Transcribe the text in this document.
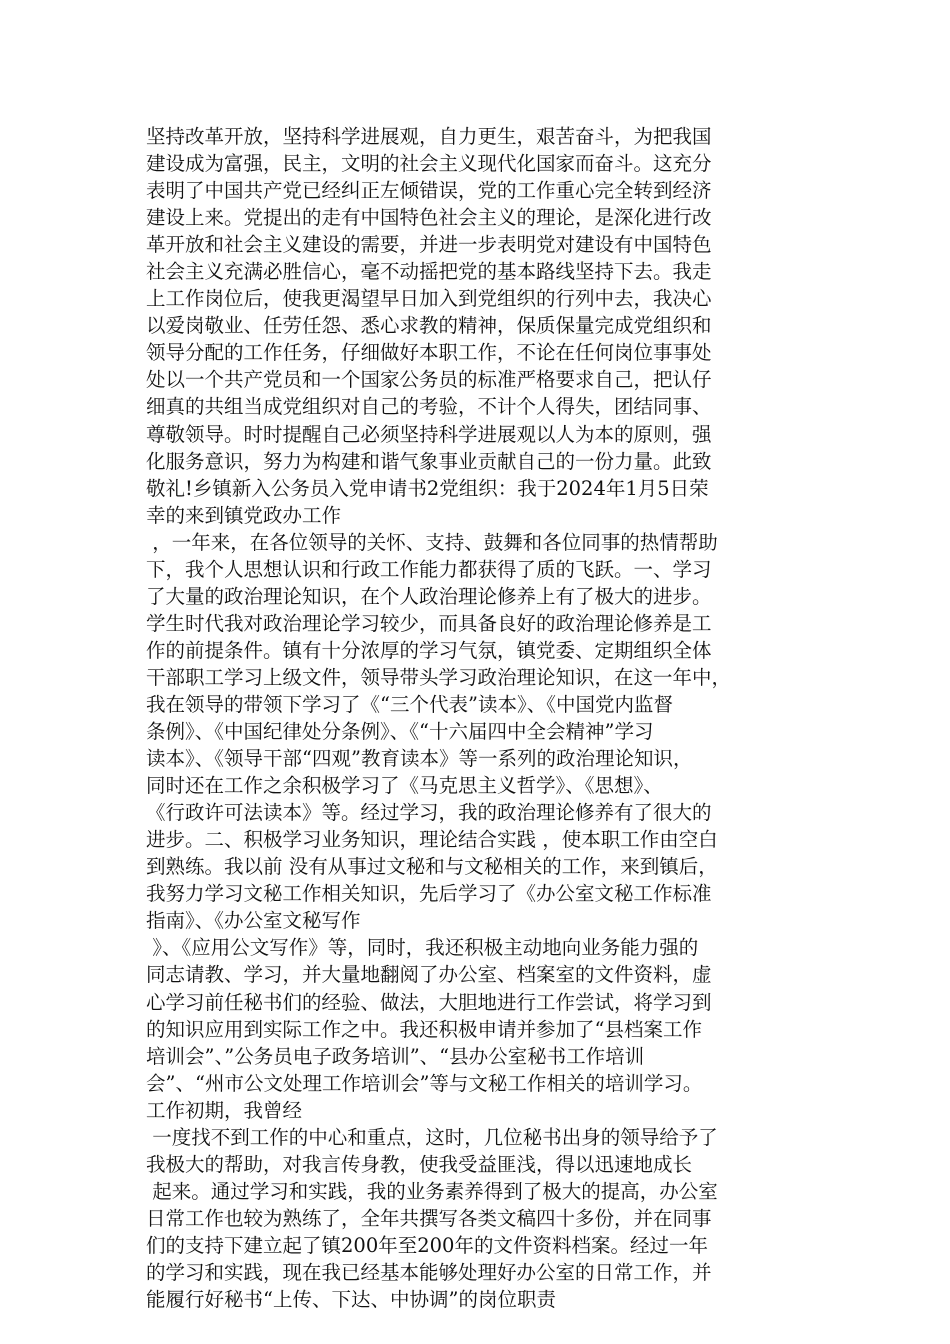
坚持改革开放，坚持科学进展观，自力更生，艰苦奋斗，为把我国
建设成为富强，民主，文明的社会主义现代化国家而奋斗。这充分
表明了中国共产党已经纠正左倾错误，党的工作重心完全转到经济
建设上来。党提出的走有中国特色社会主义的理论，是深化进行改
革开放和社会主义建设的需要，并进一步表明党对建设有中国特色
社会主义充满必胜信心，毫不动摇把党的基本路线坚持下去。我走
上工作岗位后，使我更渴望早日加入到党组织的行列中去，我决心
以爱岗敬业、任劳任怨、悉心求教的精神，保质保量完成党组织和
领导分配的工作任务，仔细做好本职工作，不论在任何岗位事事处
处以一个共产党员和一个国家公务员的标准严格要求自己，把认仔
细真的共组当成党组织对自己的考验，不计个人得失，团结同事、
尊敬领导。时时提醒自己必须坚持科学进展观以人为本的原则，强
化服务意识，努力为构建和谐气象事业贡献自己的一份力量。此致
敬礼!乡镇新入公务员入党申请书2党组织：我于2024年1月5日荣
幸的来到镇党政办工作
，一年来，在各位领导的关怀、支持、鼓舞和各位同事的热情帮助
下，我个人思想认识和行政工作能力都获得了质的飞跃。一、学习
了大量的政治理论知识，在个人政治理论修养上有了极大的进步。
学生时代我对政治理论学习较少，而具备良好的政治理论修养是工
作的前提条件。镇有十分浓厚的学习气氛，镇党委、定期组织全体
干部职工学习上级文件，领导带头学习政治理论知识，在这一年中，
我在领导的带领下学习了《“三个代表”读本》、《中国党内监督
条例》、《中国纪律处分条例》、《“十六届四中全会精神”学习
读本》、《领导干部“四观”教育读本》等一系列的政治理论知识，
同时还在工作之余积极学习了《马克思主义哲学》、《思想》、
《行政许可法读本》等。经过学习，我的政治理论修养有了很大的
进步。二、积极学习业务知识，理论结合实践 ，使本职工作由空白
到熟练。我以前 没有从事过文秘和与文秘相关的工作，来到镇后，
我努力学习文秘工作相关知识，先后学习了《办公室文秘工作标准
指南》、《办公室文秘写作
》、《应用公文写作》等，同时，我还积极主动地向业务能力强的
同志请教、学习，并大量地翻阅了办公室、档案室的文件资料，虚
心学习前任秘书们的经验、做法，大胆地进行工作尝试，将学习到
的知识应用到实际工作之中。我还积极申请并参加了“县档案工作
培训会”、”公务员电子政务培训”、“县办公室秘书工作培训
会”、“州市公文处理工作培训会”等与文秘工作相关的培训学习。
工作初期，我曾经
一度找不到工作的中心和重点，这时，几位秘书出身的领导给予了
我极大的帮助，对我言传身教，使我受益匪浅，得以迅速地成长
起来。通过学习和实践，我的业务素养得到了极大的提高，办公室
日常工作也较为熟练了，全年共撰写各类文稿四十多份，并在同事
们的支持下建立起了镇200年至200年的文件资料档案。经过一年
的学习和实践，现在我已经基本能够处理好办公室的日常工作，并
能履行好秘书“上传、下达、中协调”的岗位职责
